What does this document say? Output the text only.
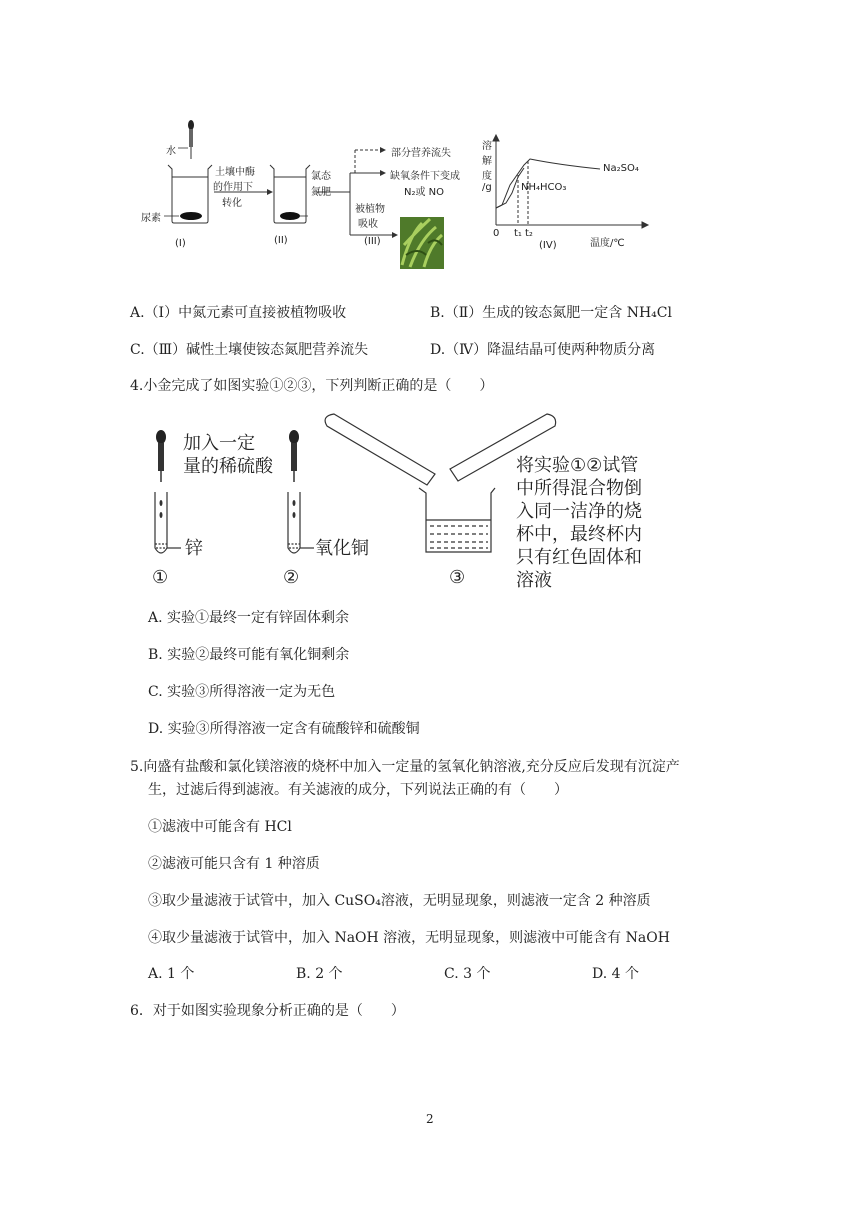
水
尿素
土壤中酶
的作用下
转化
氯态
氮肥
被植物
吸收
部分营养流失
缺氧条件下变成
N₂或 NO
(I)	(II)	(III)	(IV)
溶
解
度
/g
0 t₁ t₂
温度/℃
Na₂SO₄
NH₄HCO₃
A.（Ⅰ）中氮元素可直接被植物吸收	B.（Ⅱ）生成的铵态氮肥一定含 NH₄Cl
C.（Ⅲ）碱性土壤使铵态氮肥营养流失	D.（Ⅳ）降温结晶可使两种物质分离
4.小金完成了如图实验①②③，下列判断正确的是（　　）
加入一定
量的稀硫酸
锌	氧化铜
将实验①②试管
中所得混合物倒
入同一洁净的烧
杯中，最终杯内
只有红色固体和
溶液
①	②	③
A. 实验①最终一定有锌固体剩余
B. 实验②最终可能有氧化铜剩余
C. 实验③所得溶液一定为无色
D. 实验③所得溶液一定含有硫酸锌和硫酸铜
5.向盛有盐酸和氯化镁溶液的烧杯中加入一定量的氢氧化钠溶液,充分反应后发现有沉淀产
生，过滤后得到滤液。有关滤液的成分，下列说法正确的有（　　）
①滤液中可能含有 HCl
②滤液可能只含有 1 种溶质
③取少量滤液于试管中，加入 CuSO₄溶液，无明显现象，则滤液一定含 2 种溶质
④取少量滤液于试管中，加入 NaOH 溶液，无明显现象，则滤液中可能含有 NaOH
A. 1 个	B. 2 个	C. 3 个	D. 4 个
6．对于如图实验现象分析正确的是（　　）
2
